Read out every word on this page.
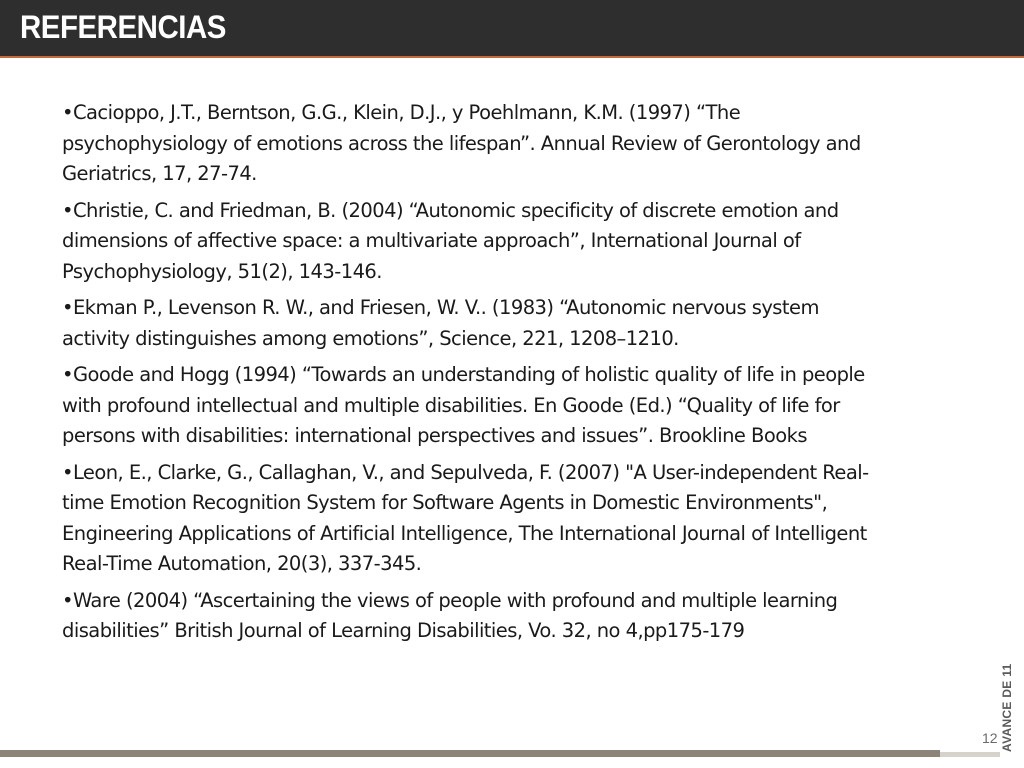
REFERENCIAS
•Cacioppo, J.T., Berntson, G.G., Klein, D.J., y Poehlmann, K.M. (1997) “The psychophysiology of emotions across the lifespan”. Annual Review of Gerontology and Geriatrics, 17, 27-74.
•Christie, C. and Friedman, B. (2004) “Autonomic specificity of discrete emotion and dimensions of affective space: a multivariate approach”, International Journal of Psychophysiology, 51(2), 143-146.
•Ekman P., Levenson R. W., and Friesen, W. V.. (1983) “Autonomic nervous system activity distinguishes among emotions”, Science, 221, 1208–1210.
•Goode and Hogg (1994) “Towards an understanding of holistic quality of life in people with profound intellectual and multiple disabilities. En Goode (Ed.) “Quality of life for persons with disabilities: international perspectives and issues”. Brookline Books
•Leon, E., Clarke, G., Callaghan, V., and Sepulveda, F. (2007) "A User-independent Real-time Emotion Recognition System for Software Agents in Domestic Environments", Engineering Applications of Artificial Intelligence, The International Journal of Intelligent Real-Time Automation, 20(3), 337-345.
•Ware (2004) “Ascertaining the views of people with profound and multiple learning disabilities” British Journal of Learning Disabilities, Vo. 32, no 4,pp175-179
AVANCE DE 11
12
